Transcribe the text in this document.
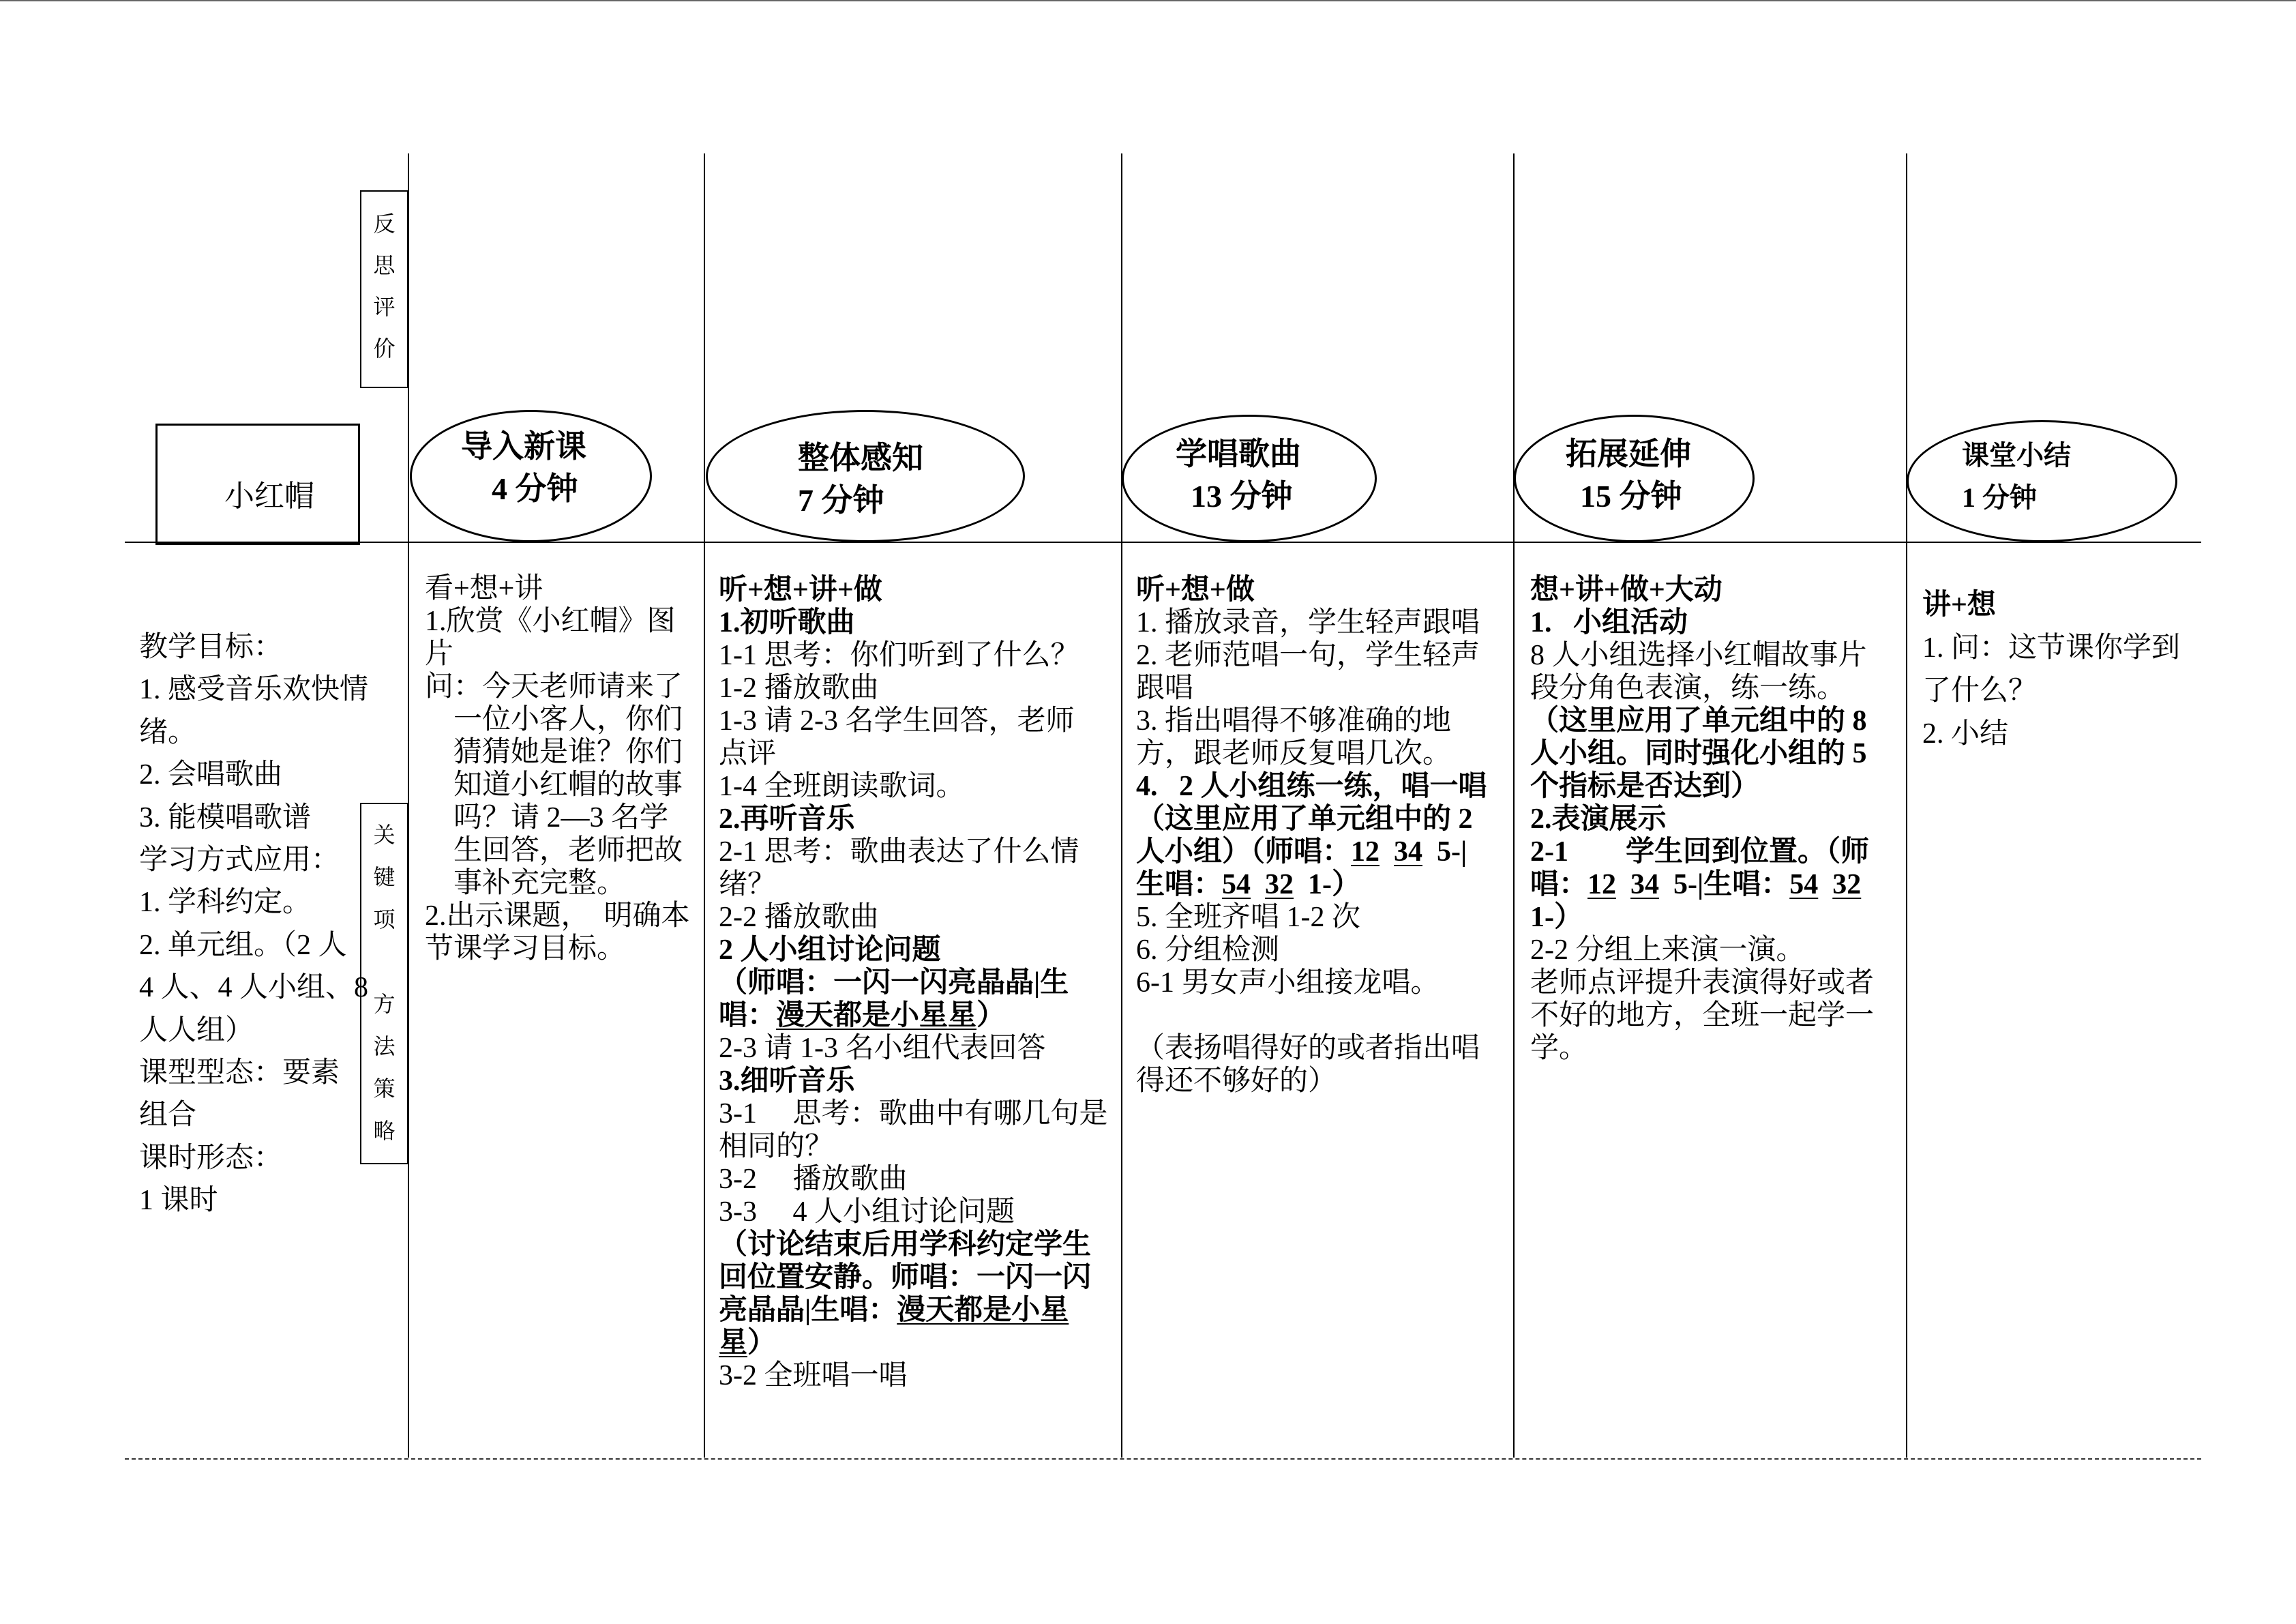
小红帽
反思评价
关键项
方法策略
导入新课
4 分钟
整体感知
7 分钟
学唱歌曲
13 分钟
拓展延伸
15 分钟
课堂小结
1 分钟
教学目标：
1. 感受音乐欢快情
绪。
2. 会唱歌曲
3. 能模唱歌谱
学习方式应用：
1. 学科约定。
2. 单元组。（2 人
4 人、4 人小组、8
人人组）
课型型态：要素
组合
课时形态：
1 课时
看+想+讲
1.欣赏《小红帽》图
片
问：今天老师请来了
一位小客人，你们
猜猜她是谁？你们
知道小红帽的故事
吗？请 2—3 名学
生回答，老师把故
事补充完整。
2.出示课题，  明确本
节课学习目标。
听+想+讲+做
1.初听歌曲
1-1 思考：你们听到了什么？
1-2 播放歌曲
1-3 请 2-3 名学生回答，老师
点评
1-4 全班朗读歌词。
2.再听音乐
2-1 思考：歌曲表达了什么情
绪？
2-2 播放歌曲
2 人小组讨论问题
（师唱：一闪一闪亮晶晶|生
唱：漫天都是小星星）
2-3 请 1-3 名小组代表回答
3.细听音乐
3-1     思考：歌曲中有哪几句是
相同的？
3-2     播放歌曲
3-3     4 人小组讨论问题
（讨论结束后用学科约定学生
回位置安静。师唱：一闪一闪
亮晶晶|生唱：漫天都是小星
星）
3-2 全班唱一唱
听+想+做
1. 播放录音，学生轻声跟唱
2. 老师范唱一句，学生轻声
跟唱
3. 指出唱得不够准确的地
方，跟老师反复唱几次。
4.   2 人小组练一练，唱一唱
（这里应用了单元组中的 2
人小组）（师唱：12 34 5-|
生唱：54 32 1-）
5. 全班齐唱 1-2 次
6. 分组检测
6-1 男女声小组接龙唱。
（表扬唱得好的或者指出唱
得还不够好的）
想+讲+做+大动
1.   小组活动
8 人小组选择小红帽故事片
段分角色表演，练一练。
（这里应用了单元组中的 8
人小组。同时强化小组的 5
个指标是否达到）
2.表演展示
2-1        学生回到位置。（师
唱：12 34 5-|生唱：54 32
1-）
2-2 分组上来演一演。
老师点评提升表演得好或者
不好的地方，全班一起学一
学。
讲+想
1. 问：这节课你学到
了什么？
2. 小结
